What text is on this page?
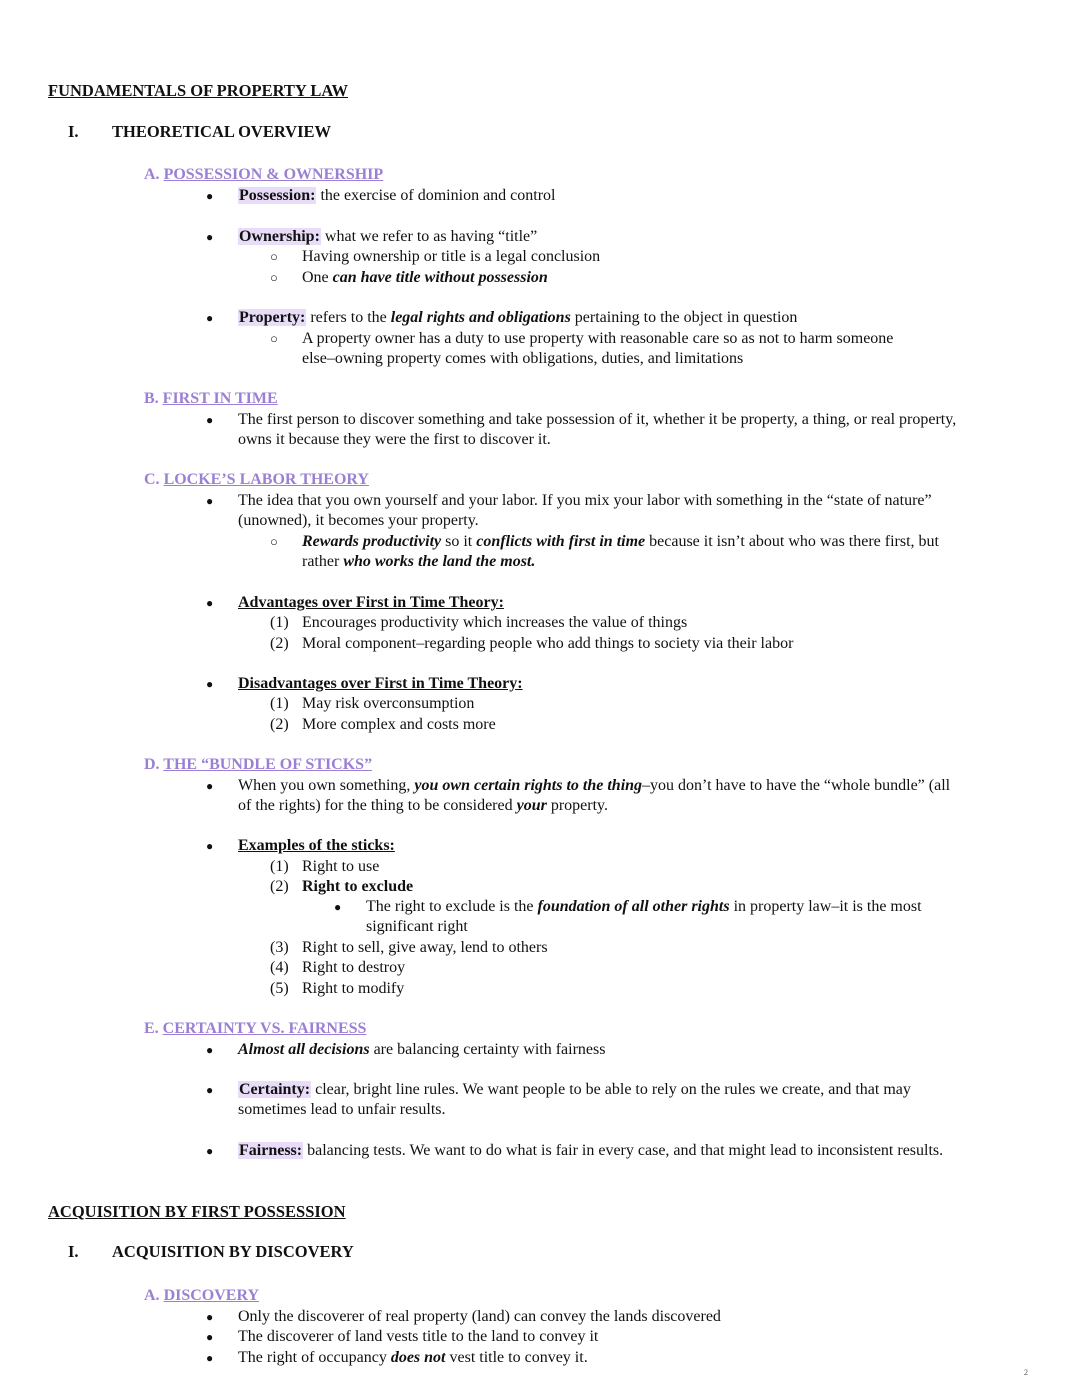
FUNDAMENTALS OF PROPERTY LAW
I. THEORETICAL OVERVIEW
A. POSSESSION & OWNERSHIP
● Possession: the exercise of dominion and control
● Ownership: what we refer to as having “title”
○ Having ownership or title is a legal conclusion
○ One can have title without possession
● Property: refers to the legal rights and obligations pertaining to the object in question
○ A property owner has a duty to use property with reasonable care so as not to harm someone
else–owning property comes with obligations, duties, and limitations
B. FIRST IN TIME
● The first person to discover something and take possession of it, whether it be property, a thing, or real property,
owns it because they were the first to discover it.
C. LOCKE’S LABOR THEORY
● The idea that you own yourself and your labor. If you mix your labor with something in the “state of nature”
(unowned), it becomes your property.
○ Rewards productivity so it conflicts with first in time because it isn’t about who was there first, but
rather who works the land the most.
● Advantages over First in Time Theory:
(1) Encourages productivity which increases the value of things
(2) Moral component–regarding people who add things to society via their labor
● Disadvantages over First in Time Theory:
(1) May risk overconsumption
(2) More complex and costs more
D. THE “BUNDLE OF STICKS”
● When you own something, you own certain rights to the thing–you don’t have to have the “whole bundle” (all
of the rights) for the thing to be considered your property.
● Examples of the sticks:
(1) Right to use
(2) Right to exclude
● The right to exclude is the foundation of all other rights in property law–it is the most
significant right
(3) Right to sell, give away, lend to others
(4) Right to destroy
(5) Right to modify
E. CERTAINTY VS. FAIRNESS
● Almost all decisions are balancing certainty with fairness
● Certainty: clear, bright line rules. We want people to be able to rely on the rules we create, and that may
sometimes lead to unfair results.
● Fairness: balancing tests. We want to do what is fair in every case, and that might lead to inconsistent results.
ACQUISITION BY FIRST POSSESSION
I. ACQUISITION BY DISCOVERY
A. DISCOVERY
● Only the discoverer of real property (land) can convey the lands discovered
● The discoverer of land vests title to the land to convey it
● The right of occupancy does not vest title to convey it.
2
